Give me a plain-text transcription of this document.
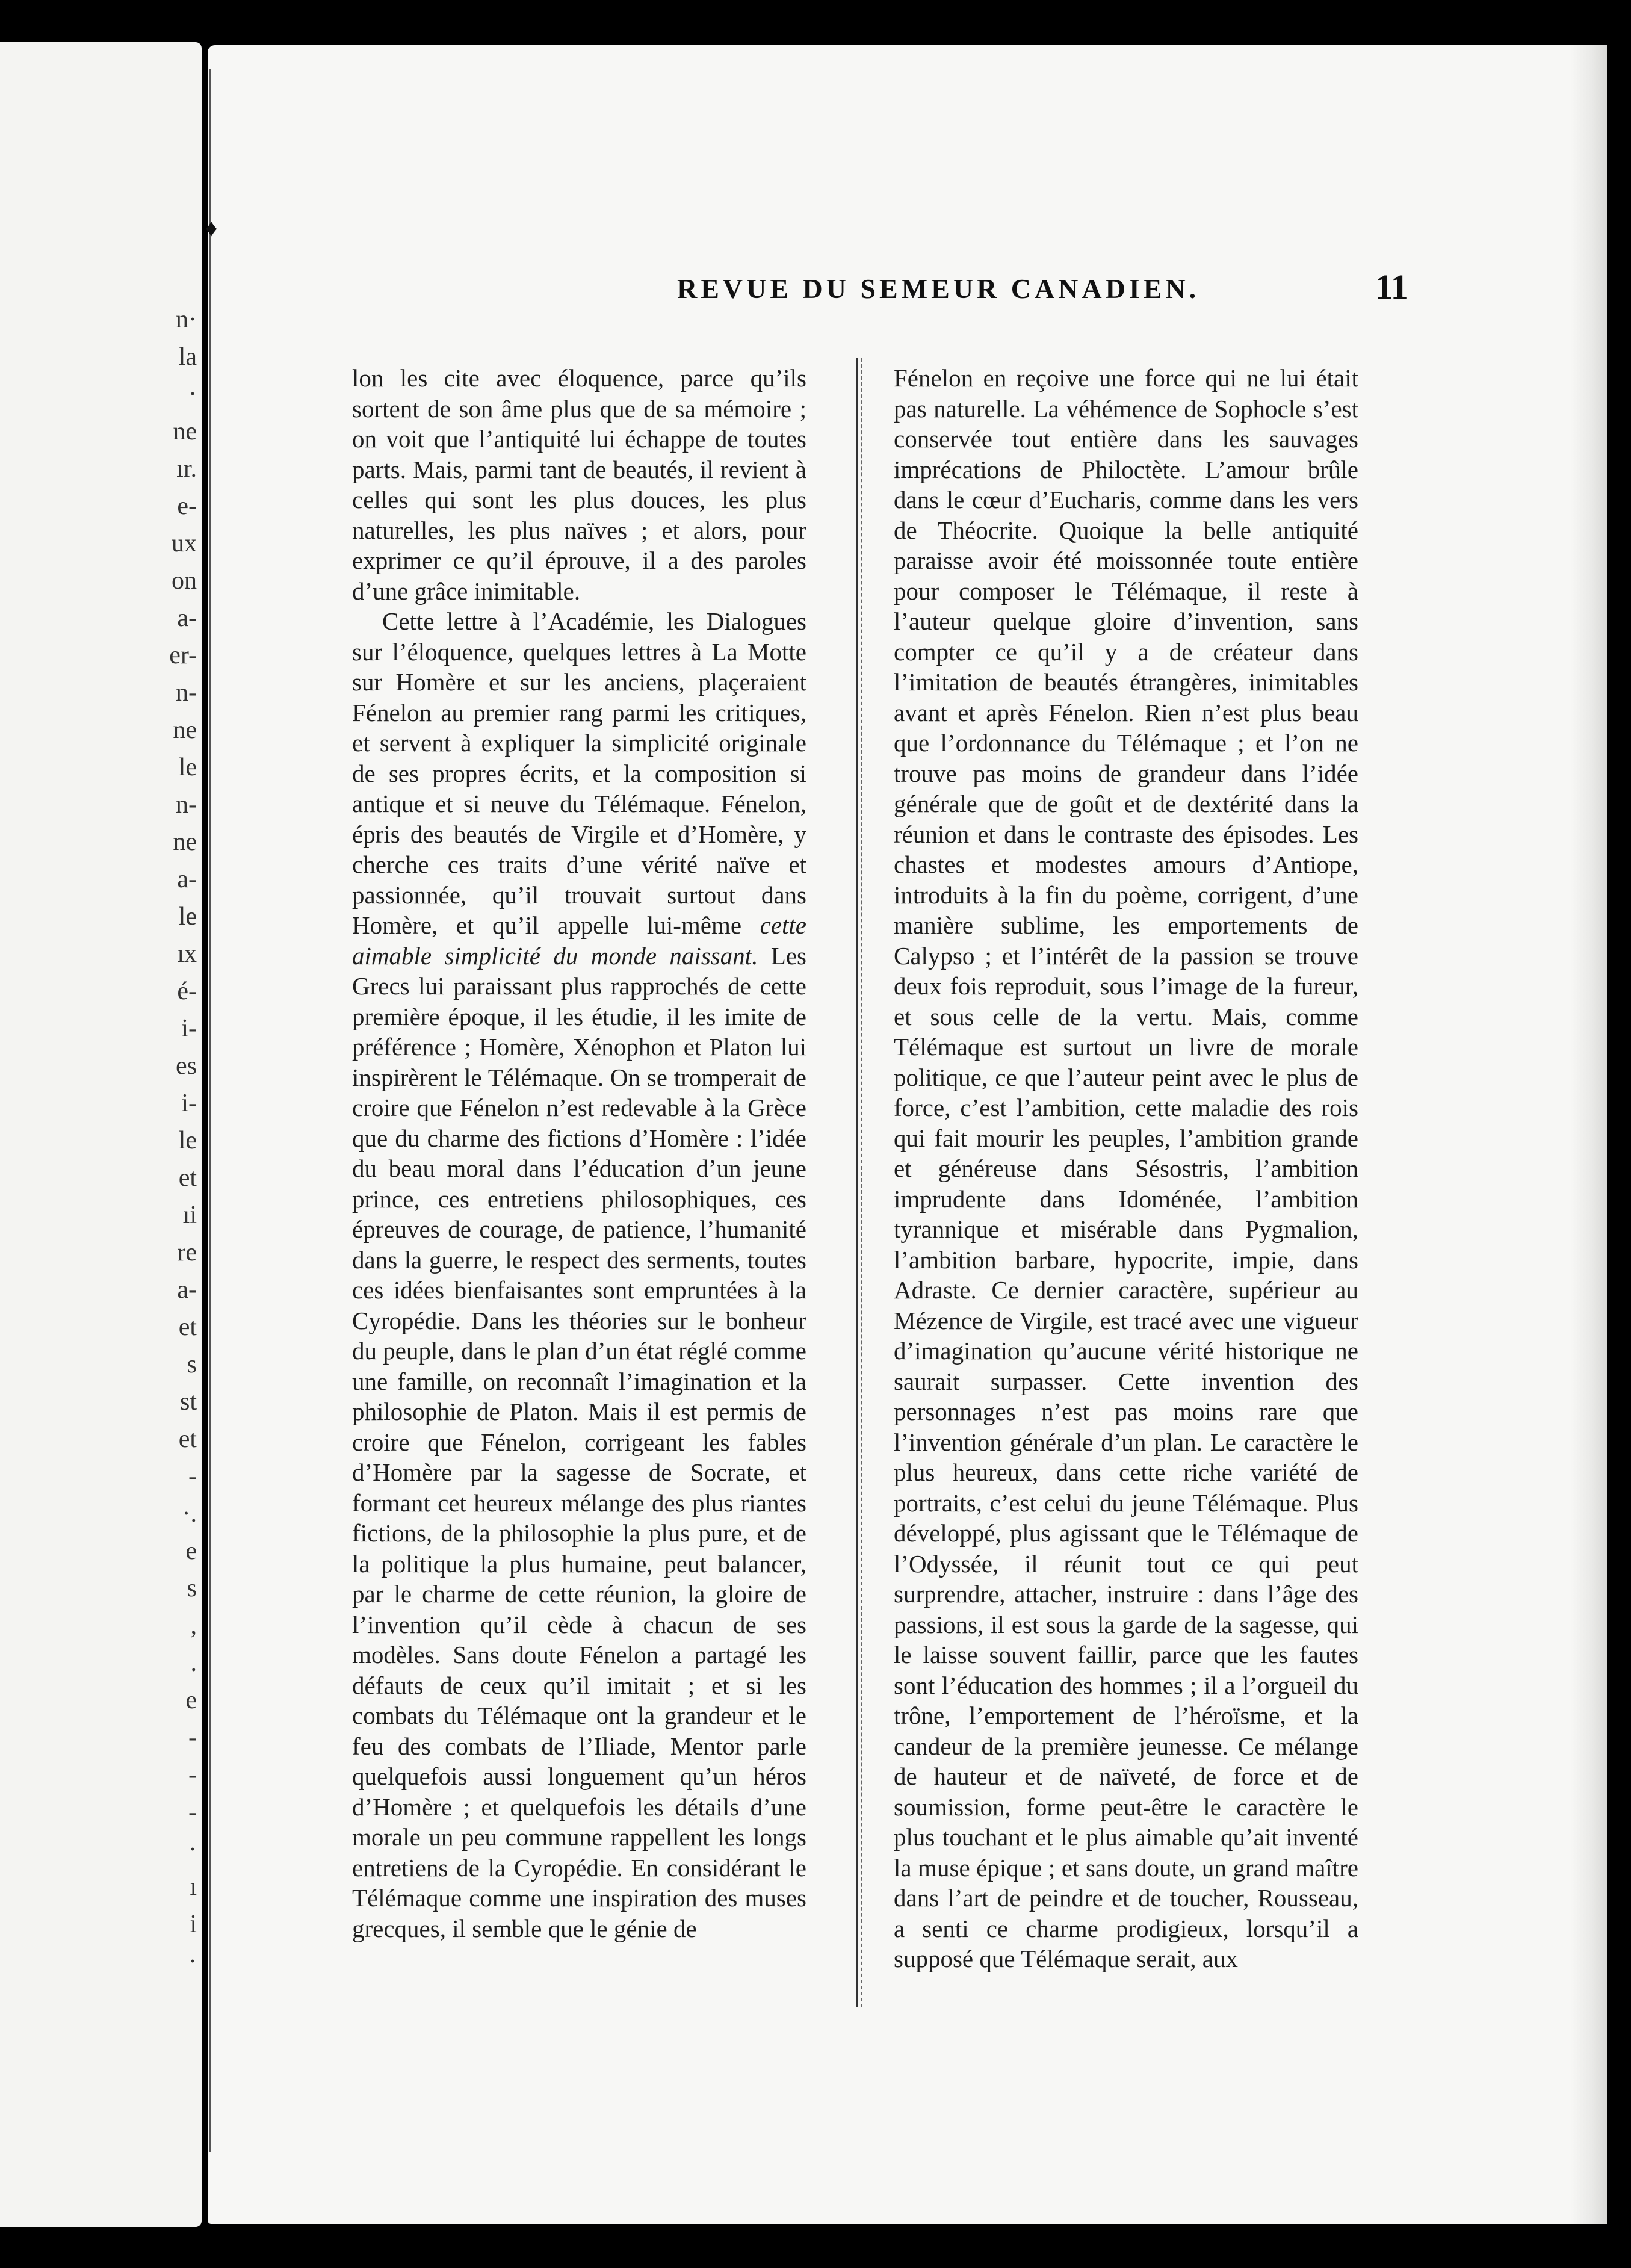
n·
la
·
ne
ır.
e-
ux
on
a-
er-
n-
ne
le
n-
ne
a-
le
ıx
é-
i-
es
i-
le
et
ıi
re
a-
et
s
st
et
-
·.
e
s
,
.
e
-
-
-
·
ı
i
·
♦
REVUE DU SEMEUR CANADIEN.	11

lon les cite avec éloquence, parce qu’ils sortent de son âme plus que de sa mémoire ; on voit que l’antiquité lui échappe de toutes parts. Mais, parmi tant de beautés, il revient à celles qui sont les plus douces, les plus naturelles, les plus naïves ; et alors, pour exprimer ce qu’il éprouve, il a des paroles d’une grâce inimitable.

Cette lettre à l’Académie, les Dialogues sur l’éloquence, quelques lettres à La Motte sur Homère et sur les anciens, plaçeraient Fénelon au premier rang parmi les critiques, et servent à expliquer la simplicité originale de ses propres écrits, et la composition si antique et si neuve du Télémaque. Fénelon, épris des beautés de Virgile et d’Homère, y cherche ces traits d’une vérité naïve et passionnée, qu’il trouvait surtout dans Homère, et qu’il appelle lui-même cette aimable simplicité du monde naissant. Les Grecs lui paraissant plus rapprochés de cette première époque, il les étudie, il les imite de préférence ; Homère, Xénophon et Platon lui inspirèrent le Télémaque. On se tromperait de croire que Fénelon n’est redevable à la Grèce que du charme des fictions d’Homère : l’idée du beau moral dans l’éducation d’un jeune prince, ces entretiens philosophiques, ces épreuves de courage, de patience, l’humanité dans la guerre, le respect des serments, toutes ces idées bienfaisantes sont empruntées à la Cyropédie. Dans les théories sur le bonheur du peuple, dans le plan d’un état réglé comme une famille, on reconnaît l’imagination et la philosophie de Platon. Mais il est permis de croire que Fénelon, corrigeant les fables d’Homère par la sagesse de Socrate, et formant cet heureux mélange des plus riantes fictions, de la philosophie la plus pure, et de la politique la plus humaine, peut balancer, par le charme de cette réunion, la gloire de l’invention qu’il cède à chacun de ses modèles. Sans doute Fénelon a partagé les défauts de ceux qu’il imitait ; et si les combats du Télémaque ont la grandeur et le feu des combats de l’Iliade, Mentor parle quelquefois aussi longuement qu’un héros d’Homère ; et quelquefois les détails d’une morale un peu commune rappellent les longs entretiens de la Cyropédie. En considérant le Télémaque comme une inspiration des muses grecques, il semble que le génie de

Fénelon en reçoive une force qui ne lui était pas naturelle. La véhémence de Sophocle s’est conservée tout entière dans les sauvages imprécations de Philoctète. L’amour brûle dans le cœur d’Eucharis, comme dans les vers de Théocrite. Quoique la belle antiquité paraisse avoir été moissonnée toute entière pour composer le Télémaque, il reste à l’auteur quelque gloire d’invention, sans compter ce qu’il y a de créateur dans l’imitation de beautés étrangères, inimitables avant et après Fénelon. Rien n’est plus beau que l’ordonnance du Télémaque ; et l’on ne trouve pas moins de grandeur dans l’idée générale que de goût et de dextérité dans la réunion et dans le contraste des épisodes. Les chastes et modestes amours d’Antiope, introduits à la fin du poème, corrigent, d’une manière sublime, les emportements de Calypso ; et l’intérêt de la passion se trouve deux fois reproduit, sous l’image de la fureur, et sous celle de la vertu. Mais, comme Télémaque est surtout un livre de morale politique, ce que l’auteur peint avec le plus de force, c’est l’ambition, cette maladie des rois qui fait mourir les peuples, l’ambition grande et généreuse dans Sésostris, l’ambition imprudente dans Idoménée, l’ambition tyrannique et misérable dans Pygmalion, l’ambition barbare, hypocrite, impie, dans Adraste. Ce dernier caractère, supérieur au Mézence de Virgile, est tracé avec une vigueur d’imagination qu’aucune vérité historique ne saurait surpasser. Cette invention des personnages n’est pas moins rare que l’invention générale d’un plan. Le caractère le plus heureux, dans cette riche variété de portraits, c’est celui du jeune Télémaque. Plus développé, plus agissant que le Télémaque de l’Odyssée, il réunit tout ce qui peut surprendre, attacher, instruire : dans l’âge des passions, il est sous la garde de la sagesse, qui le laisse souvent faillir, parce que les fautes sont l’éducation des hommes ; il a l’orgueil du trône, l’emportement de l’héroïsme, et la candeur de la première jeunesse. Ce mélange de hauteur et de naïveté, de force et de soumission, forme peut-être le caractère le plus touchant et le plus aimable qu’ait inventé la muse épique ; et sans doute, un grand maître dans l’art de peindre et de toucher, Rousseau, a senti ce charme prodigieux, lorsqu’il a supposé que Télémaque serait, aux
